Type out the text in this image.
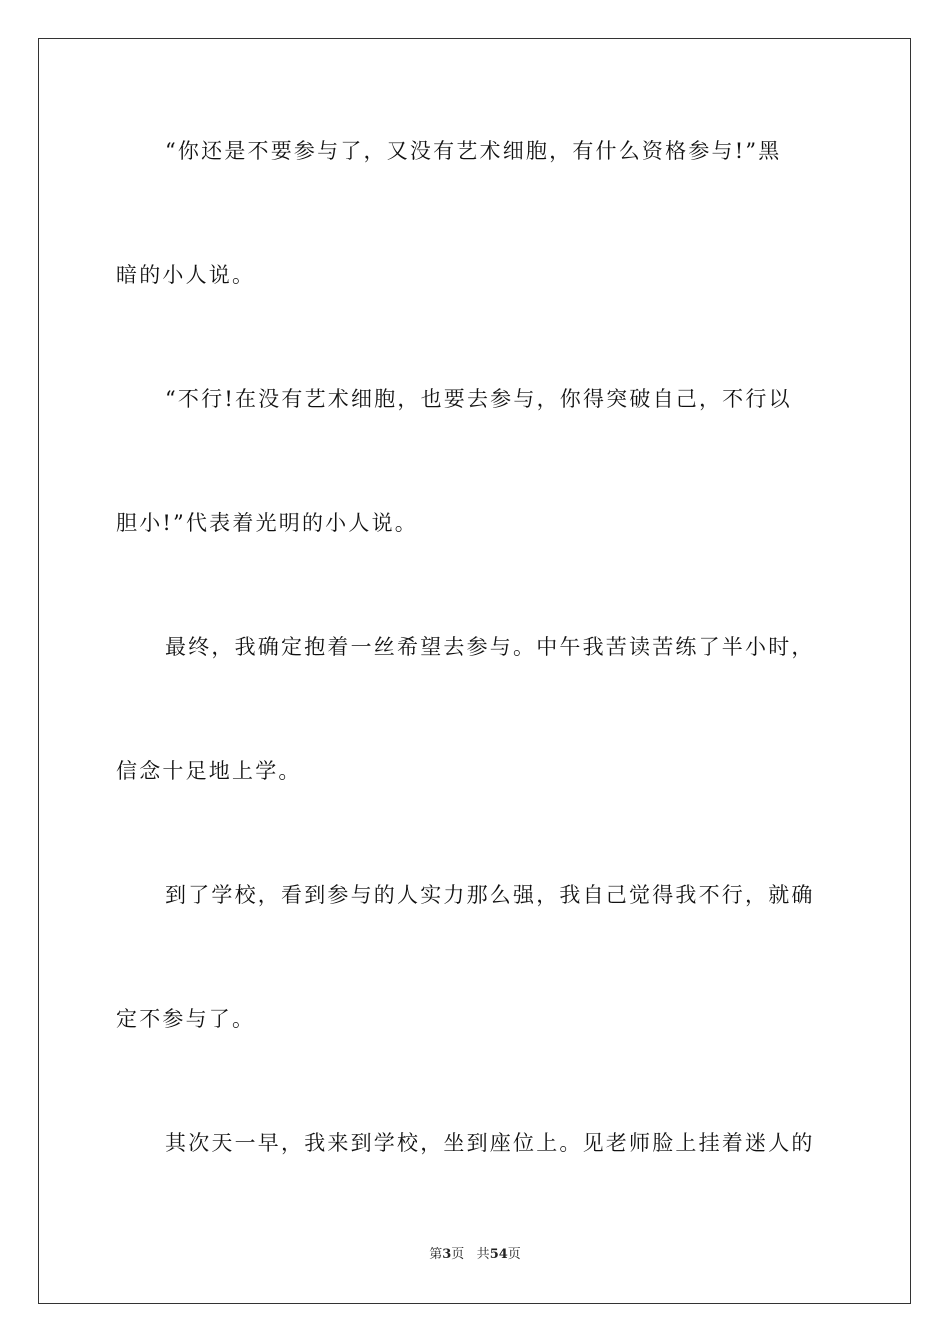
“你还是不要参与了，又没有艺术细胞，有什么资格参与!”黑
暗的小人说。
“不行!在没有艺术细胞，也要去参与，你得突破自己，不行以
胆小!”代表着光明的小人说。
最终，我确定抱着一丝希望去参与。中午我苦读苦练了半小时，
信念十足地上学。
到了学校，看到参与的人实力那么强，我自己觉得我不行，就确
定不参与了。
其次天一早，我来到学校，坐到座位上。见老师脸上挂着迷人的
第3页 共54页
